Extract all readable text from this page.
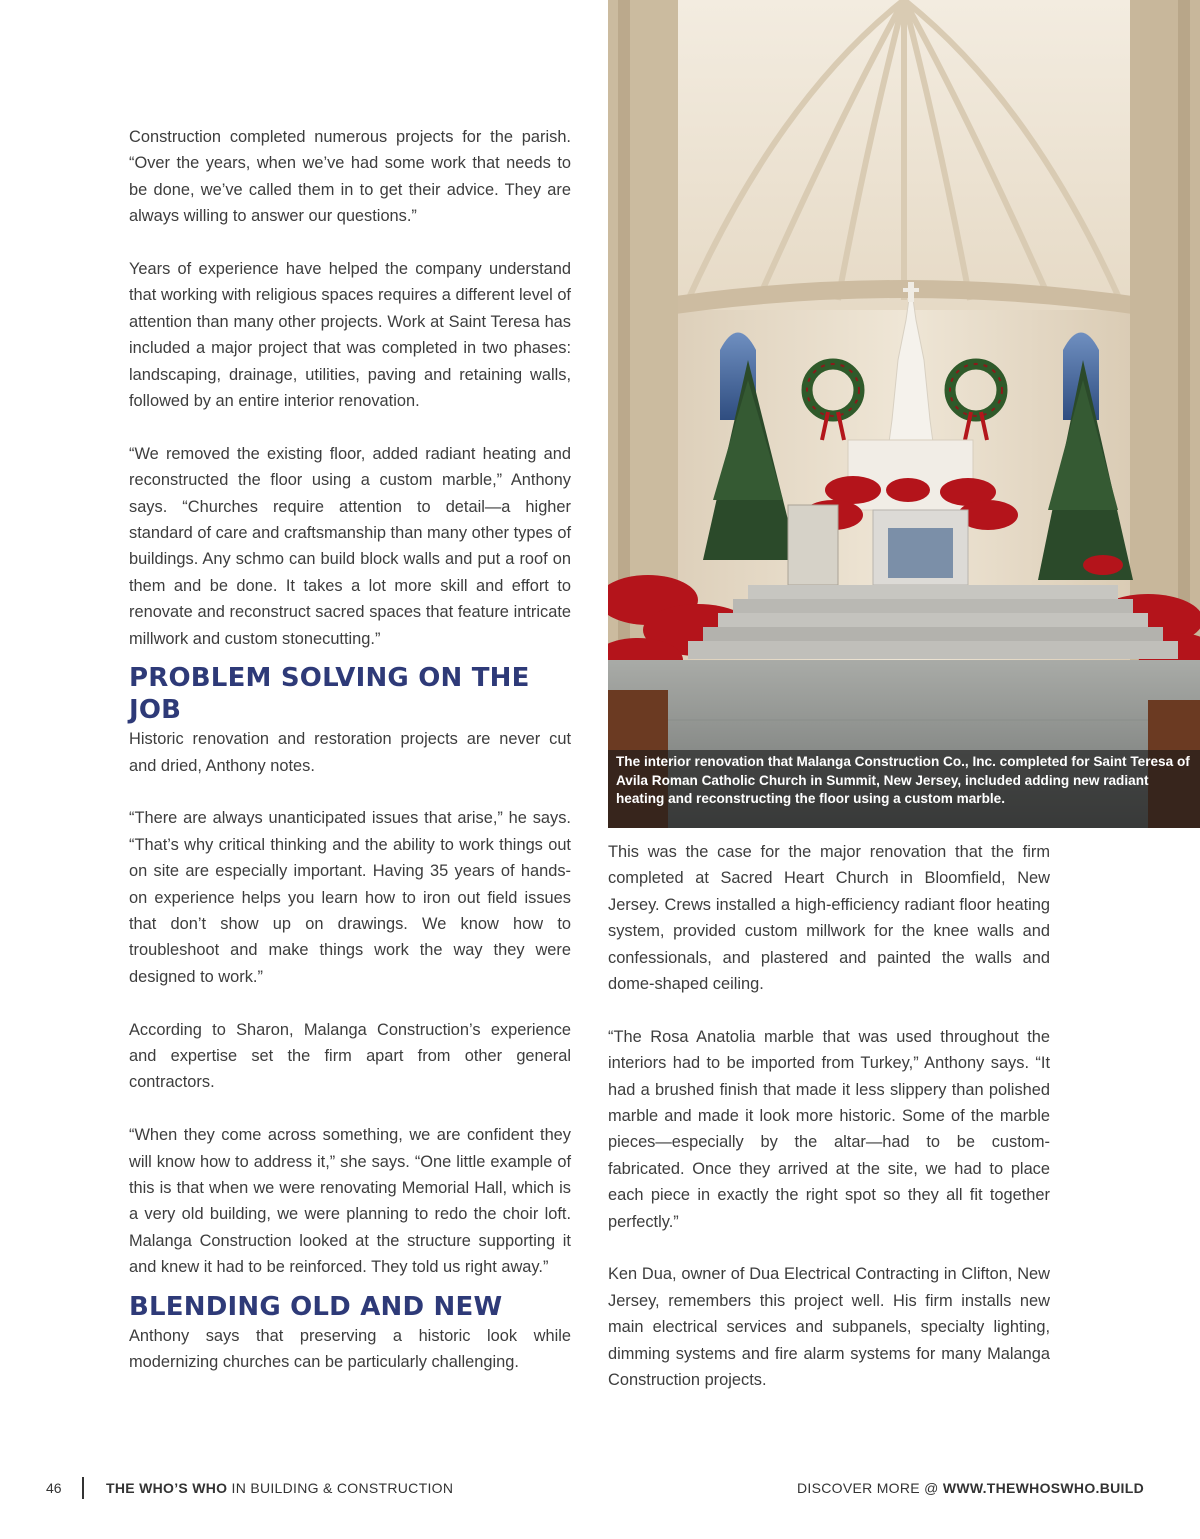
Construction completed numerous projects for the parish. “Over the years, when we’ve had some work that needs to be done, we’ve called them in to get their advice. They are always willing to answer our questions.”

Years of experience have helped the company understand that working with religious spaces requires a different level of attention than many other projects. Work at Saint Teresa has included a major project that was completed in two phases: landscaping, drainage, utilities, paving and retaining walls, followed by an entire interior renovation.

“We removed the existing floor, added radiant heating and reconstructed the floor using a custom marble,” Anthony says. “Churches require attention to detail—a higher standard of care and craftsmanship than many other types of buildings. Any schmo can build block walls and put a roof on them and be done. It takes a lot more skill and effort to renovate and reconstruct sacred spaces that feature intricate millwork and custom stonecutting.”

PROBLEM SOLVING ON THE JOB

Historic renovation and restoration projects are never cut and dried, Anthony notes.

“There are always unanticipated issues that arise,” he says. “That’s why critical thinking and the ability to work things out on site are especially important. Having 35 years of hands-on experience helps you learn how to iron out field issues that don’t show up on drawings. We know how to troubleshoot and make things work the way they were designed to work.”

According to Sharon, Malanga Construction’s experience and expertise set the firm apart from other general contractors.

“When they come across something, we are confident they will know how to address it,” she says. “One little example of this is that when we were renovating Memorial Hall, which is a very old building, we were planning to redo the choir loft. Malanga Construction looked at the structure supporting it and knew it had to be reinforced. They told us right away.”

BLENDING OLD AND NEW

Anthony says that preserving a historic look while modernizing churches can be particularly challenging.

The interior renovation that Malanga Construction Co., Inc. completed for Saint Teresa of Avila Roman Catholic Church in Summit, New Jersey, included adding new radiant heating and reconstructing the floor using a custom marble.

This was the case for the major renovation that the firm completed at Sacred Heart Church in Bloomfield, New Jersey. Crews installed a high-efficiency radiant floor heating system, provided custom millwork for the knee walls and confessionals, and plastered and painted the walls and dome-shaped ceiling.

“The Rosa Anatolia marble that was used throughout the interiors had to be imported from Turkey,” Anthony says. “It had a brushed finish that made it less slippery than polished marble and made it look more historic. Some of the marble pieces—especially by the altar—had to be custom-fabricated. Once they arrived at the site, we had to place each piece in exactly the right spot so they all fit together perfectly.”

Ken Dua, owner of Dua Electrical Contracting in Clifton, New Jersey, remembers this project well. His firm installs new main electrical services and subpanels, specialty lighting, dimming systems and fire alarm systems for many Malanga Construction projects.

46	THE WHO’S WHO IN BUILDING & CONSTRUCTION	DISCOVER MORE @ WWW.THEWHOSWHO.BUILD
